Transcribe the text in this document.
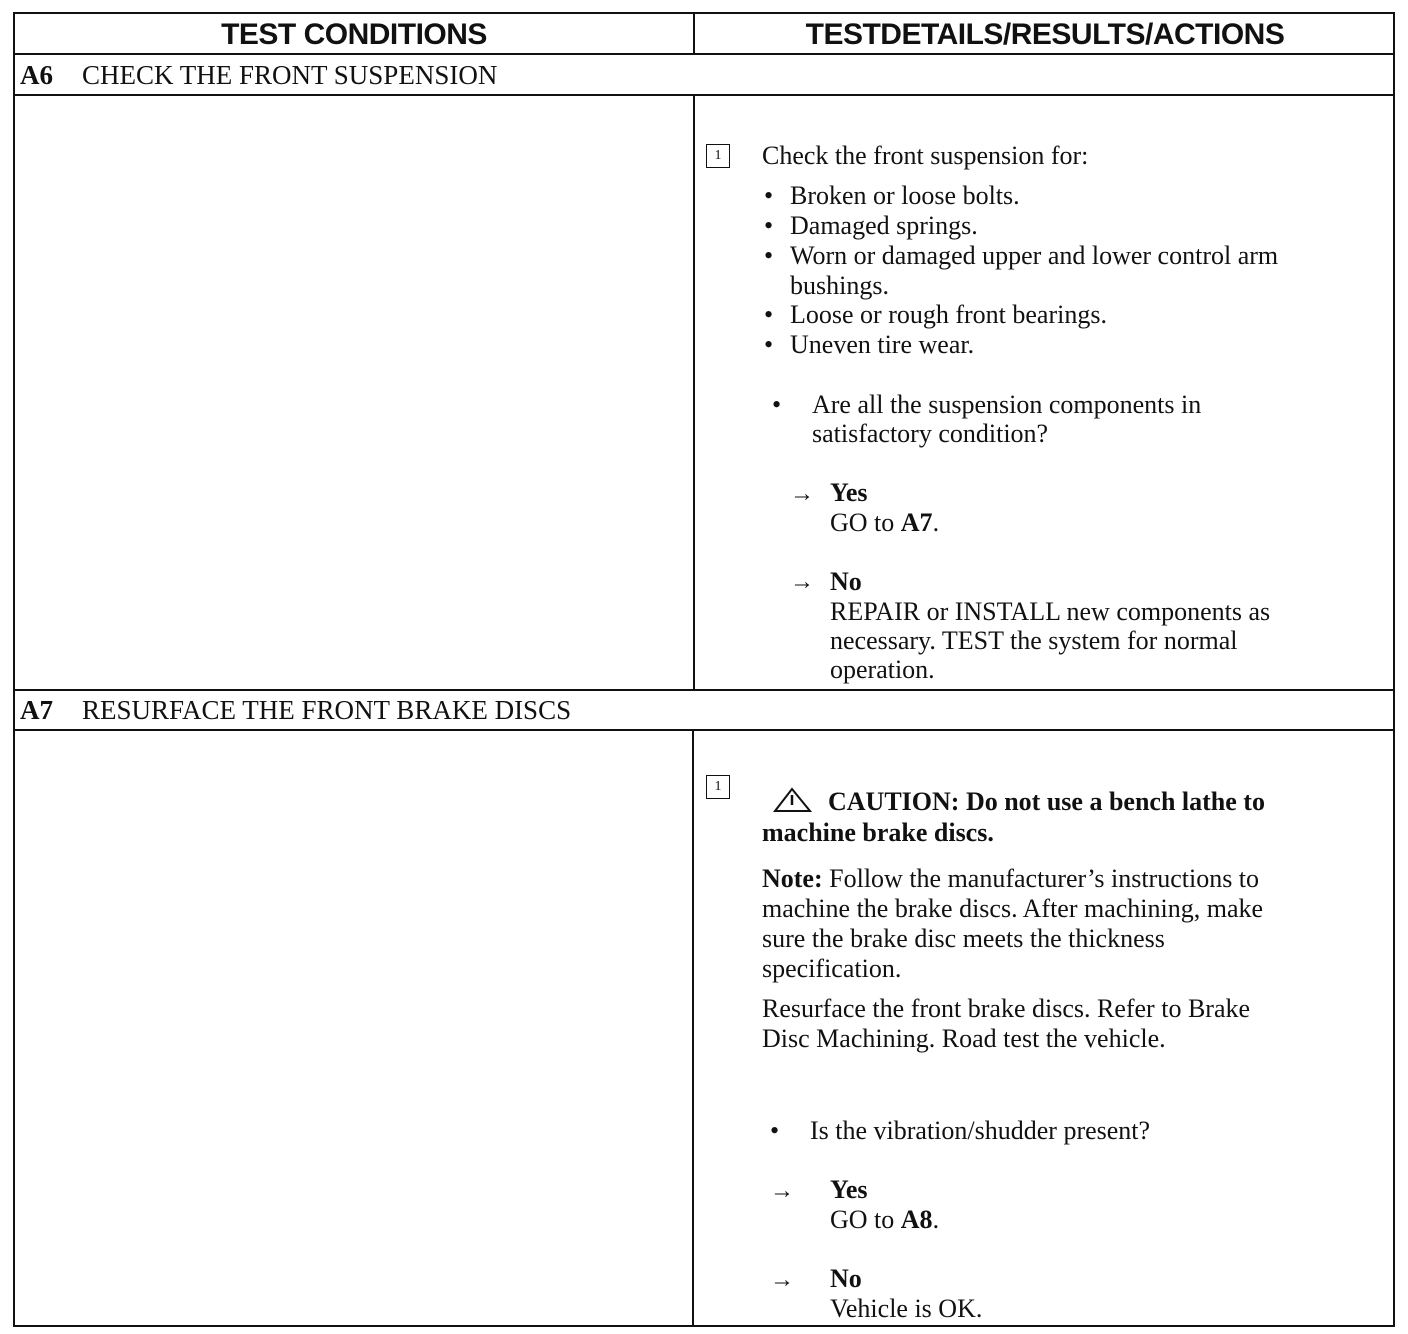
TEST CONDITIONS	TESTDETAILS/RESULTS/ACTIONS
A6 CHECK THE FRONT SUSPENSION
1	Check the front suspension for:
• Broken or loose bolts.
• Damaged springs.
• Worn or damaged upper and lower control arm
bushings.
• Loose or rough front bearings.
• Uneven tire wear.
• Are all the suspension components in
satisfactory condition?
→ Yes
GO to A7.
→ No
REPAIR or INSTALL new components as
necessary. TEST the system for normal
operation.
A7 RESURFACE THE FRONT BRAKE DISCS
1
CAUTION: Do not use a bench lathe to
machine brake discs.
Note: Follow the manufacturer’s instructions to
machine the brake discs. After machining, make
sure the brake disc meets the thickness
specification.
Resurface the front brake discs. Refer to Brake
Disc Machining. Road test the vehicle.
• Is the vibration/shudder present?
→ Yes
GO to A8.
→ No
Vehicle is OK.
